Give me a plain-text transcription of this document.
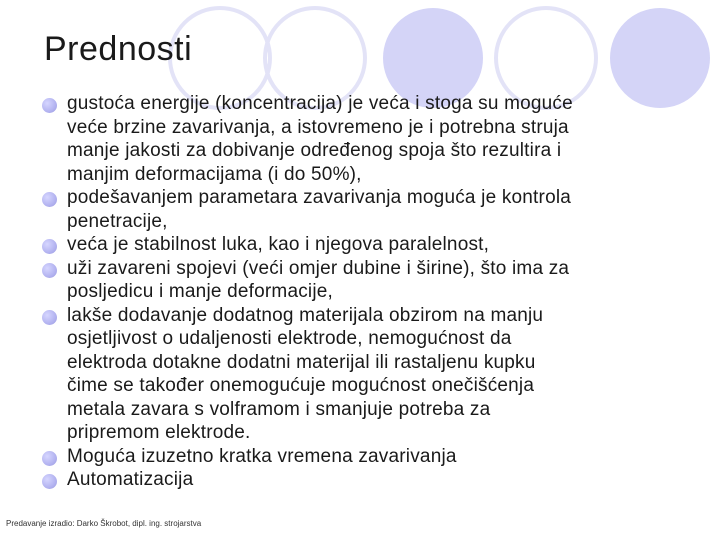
Prednosti
gustoća energije (koncentracija) je veća i stoga su moguće
veće brzine zavarivanja, a istovremeno je i potrebna struja
manje jakosti za dobivanje određenog spoja što rezultira i
manjim deformacijama (i do 50%),
podešavanjem parametara zavarivanja moguća je kontrola
penetracije,
veća je stabilnost luka, kao i njegova paralelnost,
uži zavareni spojevi (veći omjer dubine i širine), što ima za
posljedicu i manje deformacije,
lakše dodavanje dodatnog materijala obzirom na manju
osjetljivost o udaljenosti elektrode, nemogućnost da
elektroda dotakne dodatni materijal ili rastaljenu kupku
čime se također onemogućuje mogućnost onečišćenja
metala zavara s volframom i smanjuje potreba za
pripremom elektrode.
Moguća izuzetno kratka vremena zavarivanja
Automatizacija
Predavanje izradio: Darko Škrobot, dipl. ing. strojarstva
